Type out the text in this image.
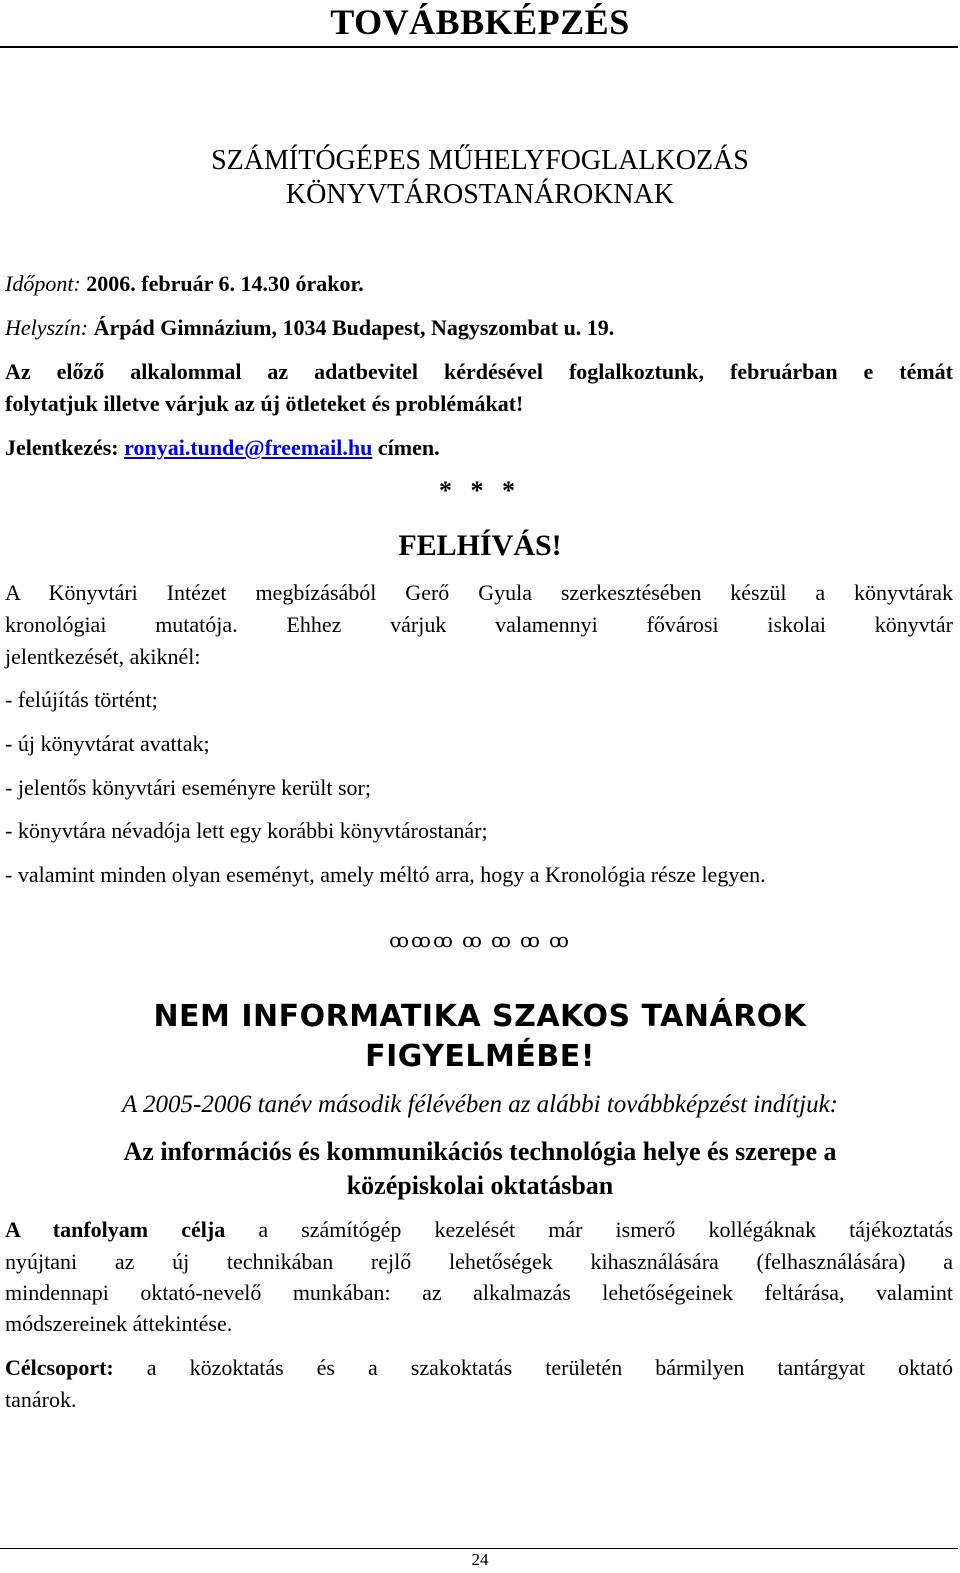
TOVÁBBKÉPZÉS
SZÁMÍTÓGÉPES MŰHELYFOGLALKOZÁS
KÖNYVTÁROSTANÁROKNAK
Időpont: 2006. február 6. 14.30 órakor.
Helyszín: Árpád Gimnázium, 1034 Budapest, Nagyszombat u. 19.
Az előző alkalommal az adatbevitel kérdésével foglalkoztunk, februárban e témát
folytatjuk illetve várjuk az új ötleteket és problémákat!
Jelentkezés: ronyai.tunde@freemail.hu címen.
* * *
FELHÍVÁS!
A Könyvtári Intézet megbízásából Gerő Gyula szerkesztésében készül a könyvtárak
kronológiai mutatója. Ehhez várjuk valamennyi fővárosi iskolai könyvtár
jelentkezését, akiknél:
- felújítás történt;
- új könyvtárat avattak;
- jelentős könyvtári eseményre került sor;
- könyvtára névadója lett egy korábbi könyvtárostanár;
- valamint minden olyan eseményt, amely méltó arra, hogy a Kronológia része legyen.
ꝏꝏꝏ ꝏ ꝏ ꝏ ꝏ
NEM INFORMATIKA SZAKOS TANÁROK
FIGYELMÉBE!
A 2005-2006 tanév második félévében az alábbi továbbképzést indítjuk:
Az információs és kommunikációs technológia helye és szerepe a
középiskolai oktatásban
A tanfolyam célja a számítógép kezelését már ismerő kollégáknak tájékoztatás
nyújtani az új technikában rejlő lehetőségek kihasználására (felhasználására) a
mindennapi oktató-nevelő munkában: az alkalmazás lehetőségeinek feltárása, valamint
módszereinek áttekintése.
Célcsoport: a közoktatás és a szakoktatás területén bármilyen tantárgyat oktató
tanárok.
24
